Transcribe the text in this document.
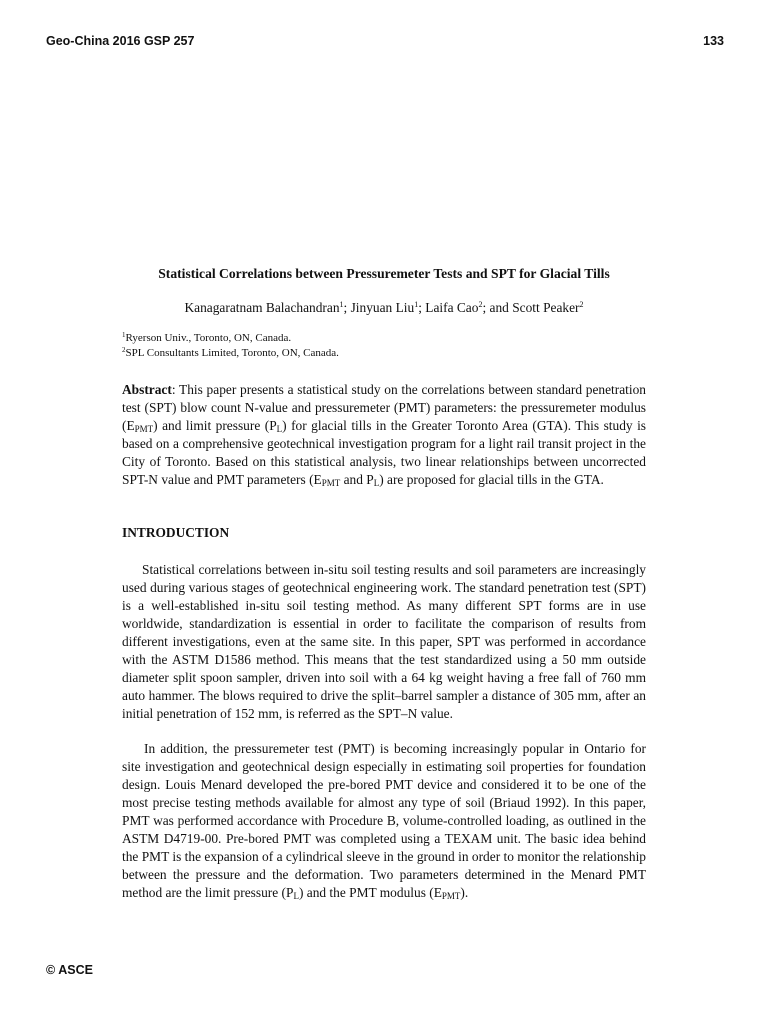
Geo-China 2016 GSP 257	133
Statistical Correlations between Pressuremeter Tests and SPT for Glacial Tills
Kanagaratnam Balachandran$^1$; Jinyuan Liu$^1$; Laifa Cao$^2$; and Scott Peaker$^2$
$^1$Ryerson Univ., Toronto, ON, Canada.
$^2$SPL Consultants Limited, Toronto, ON, Canada.
Abstract: This paper presents a statistical study on the correlations between standard penetration test (SPT) blow count N-value and pressuremeter (PMT) parameters: the pressuremeter modulus $(E_{PMT})$ and limit pressure $(P_L)$ for glacial tills in the Greater Toronto Area (GTA). This study is based on a comprehensive geotechnical investigation program for a light rail transit project in the City of Toronto. Based on this statistical analysis, two linear relationships between uncorrected SPT-N value and PMT parameters ($E_{PMT}$ and $P_L$) are proposed for glacial tills in the GTA.
INTRODUCTION
Statistical correlations between in-situ soil testing results and soil parameters are increasingly used during various stages of geotechnical engineering work. The standard penetration test (SPT) is a well-established in-situ soil testing method. As many different SPT forms are in use worldwide, standardization is essential in order to facilitate the comparison of results from different investigations, even at the same site. In this paper, SPT was performed in accordance with the ASTM D1586 method. This means that the test standardized using a 50 mm outside diameter split spoon sampler, driven into soil with a 64 kg weight having a free fall of 760 mm auto hammer. The blows required to drive the split–barrel sampler a distance of 305 mm, after an initial penetration of 152 mm, is referred as the SPT–N value.
In addition, the pressuremeter test (PMT) is becoming increasingly popular in Ontario for site investigation and geotechnical design especially in estimating soil properties for foundation design. Louis Menard developed the pre-bored PMT device and considered it to be one of the most precise testing methods available for almost any type of soil (Briaud 1992). In this paper, PMT was performed accordance with Procedure B, volume-controlled loading, as outlined in the ASTM D4719-00. Pre-bored PMT was completed using a TEXAM unit. The basic idea behind the PMT is the expansion of a cylindrical sleeve in the ground in order to monitor the relationship between the pressure and the deformation. Two parameters determined in the Menard PMT method are the limit pressure $(P_L)$ and the PMT modulus $(E_{PMT})$.
© ASCE
